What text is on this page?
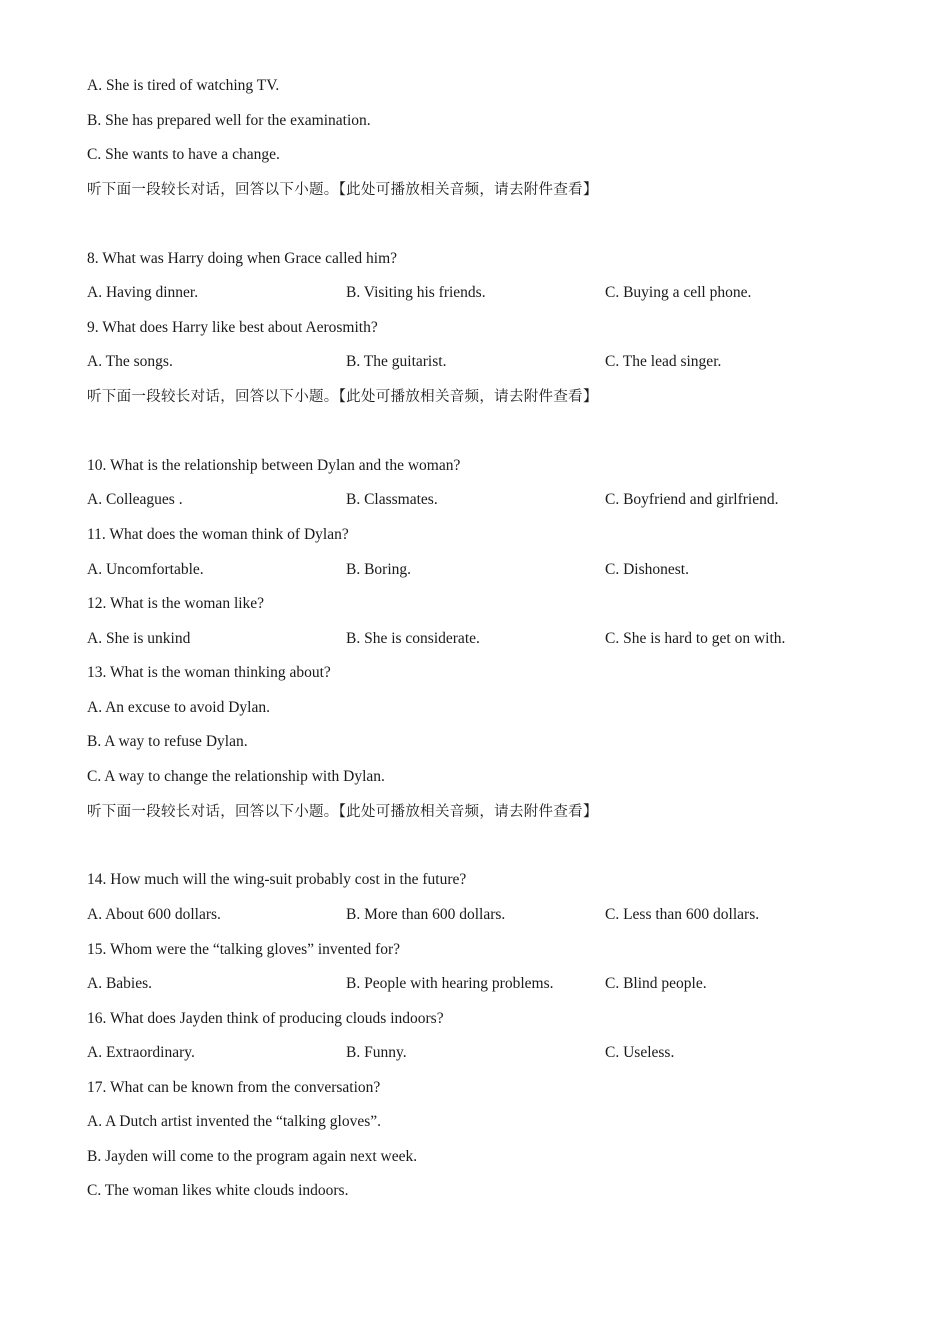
A. She is tired of watching TV.
B. She has prepared well for the examination.
C. She wants to have a change.
听下面一段较长对话，回答以下小题。【此处可播放相关音频，请去附件查看】
8. What was Harry doing when Grace called him?
A. Having dinner.	B. Visiting his friends.	C. Buying a cell phone.
9. What does Harry like best about Aerosmith?
A. The songs.	B. The guitarist.	C. The lead singer.
听下面一段较长对话，回答以下小题。【此处可播放相关音频，请去附件查看】
10. What is the relationship between Dylan and the woman?
A. Colleagues .	B. Classmates.	C. Boyfriend and girlfriend.
11. What does the woman think of Dylan?
A. Uncomfortable.	B. Boring.	C. Dishonest.
12. What is the woman like?
A. She is unkind	B. She is considerate.	C. She is hard to get on with.
13. What is the woman thinking about?
A. An excuse to avoid Dylan.
B. A way to refuse Dylan.
C. A way to change the relationship with Dylan.
听下面一段较长对话，回答以下小题。【此处可播放相关音频，请去附件查看】
14. How much will the wing-suit probably cost in the future?
A. About 600 dollars.	B. More than 600 dollars.	C. Less than 600 dollars.
15. Whom were the “talking gloves” invented for?
A. Babies.	B. People with hearing problems.	C. Blind people.
16. What does Jayden think of producing clouds indoors?
A. Extraordinary.	B. Funny.	C. Useless.
17. What can be known from the conversation?
A. A Dutch artist invented the “talking gloves”.
B. Jayden will come to the program again next week.
C. The woman likes white clouds indoors.
